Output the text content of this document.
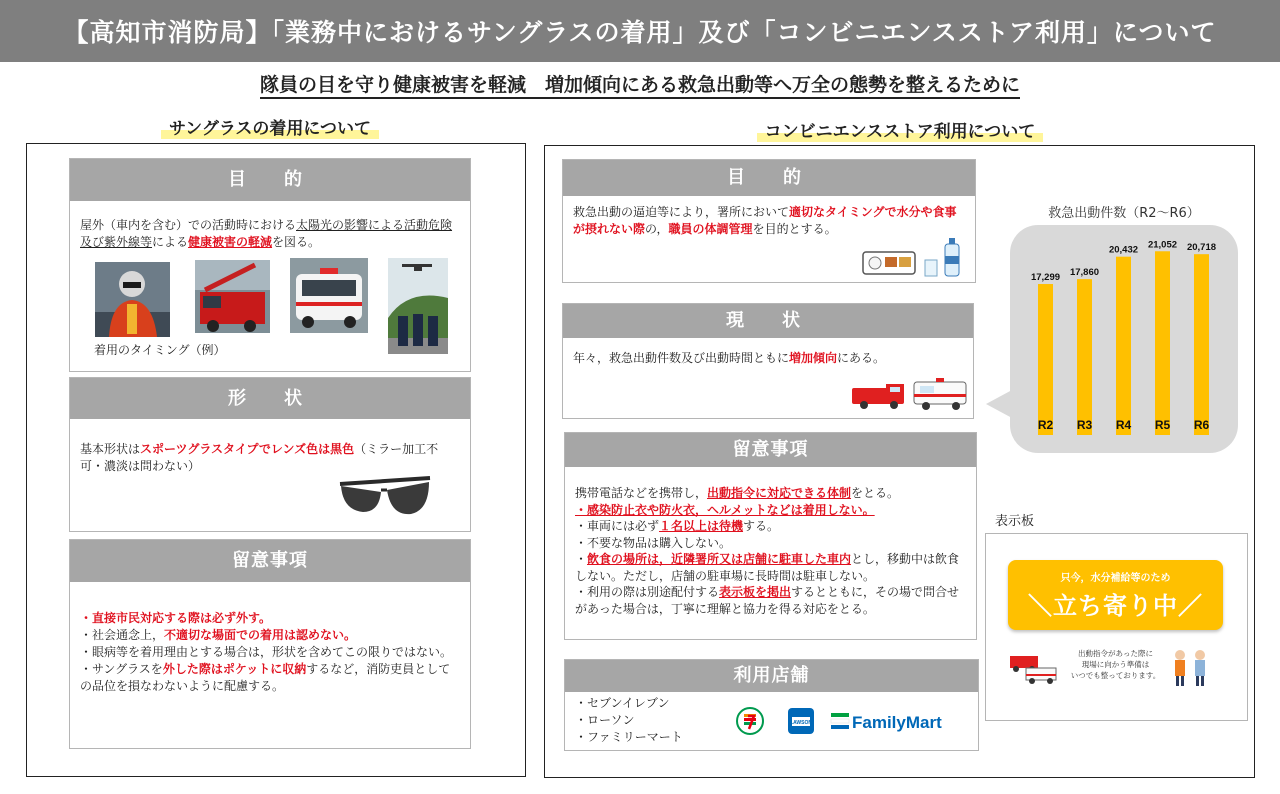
【高知市消防局】「業務中におけるサングラスの着用」及び「コンビニエンスストア利用」について
隊員の目を守り健康被害を軽減　増加傾向にある救急出動等へ万全の態勢を整えるために
サングラスの着用について	コンビニエンスストア利用について
目　的
屋外（車内を含む）での活動時における太陽光の影響による活動危険及び紫外線等による健康被害の軽減を図る。
着用のタイミング（例）
形　状
基本形状はスポーツグラスタイプでレンズ色は黒色（ミラー加工不可・濃淡は問わない）
留意事項
・直接市民対応する際は必ず外す。
・社会通念上，不適切な場面での着用は認めない。
・眼病等を着用理由とする場合は，形状を含めてこの限りではない。
・サングラスを外した際はポケットに収納するなど，消防吏員としての品位を損なわないように配慮する。
目　的
救急出動の逼迫等により，署所において適切なタイミングで水分や食事が摂れない際の，職員の体調管理を目的とする。
現　状
年々，救急出動件数及び出動時間ともに増加傾向にある。
留意事項
携帯電話などを携帯し，出動指令に対応できる体制をとる。
・感染防止衣や防火衣，ヘルメットなどは着用しない。
・車両には必ず１名以上は待機する。
・不要な物品は購入しない。
・飲食の場所は，近隣署所又は店舗に駐車した車内とし，移動中は飲食しない。ただし，店舗の駐車場に長時間は駐車しない。
・利用の際は別途配付する表示板を掲出するとともに，その場で問合せがあった場合は，丁寧に理解と協力を得る対応をとる。
利用店舗
・セブンイレブン
・ローソン
・ファミリーマート
LAWSON FamilyMart
救急出動件数（R2～R6）
17,299
R2
17,860
R3
20,432
R4
21,052
R5
20,718
R6
表示板
只今，水分補給等のため
＼立ち寄り中／
出動指令があった際に
現場に向かう準備は
いつでも整っております。
